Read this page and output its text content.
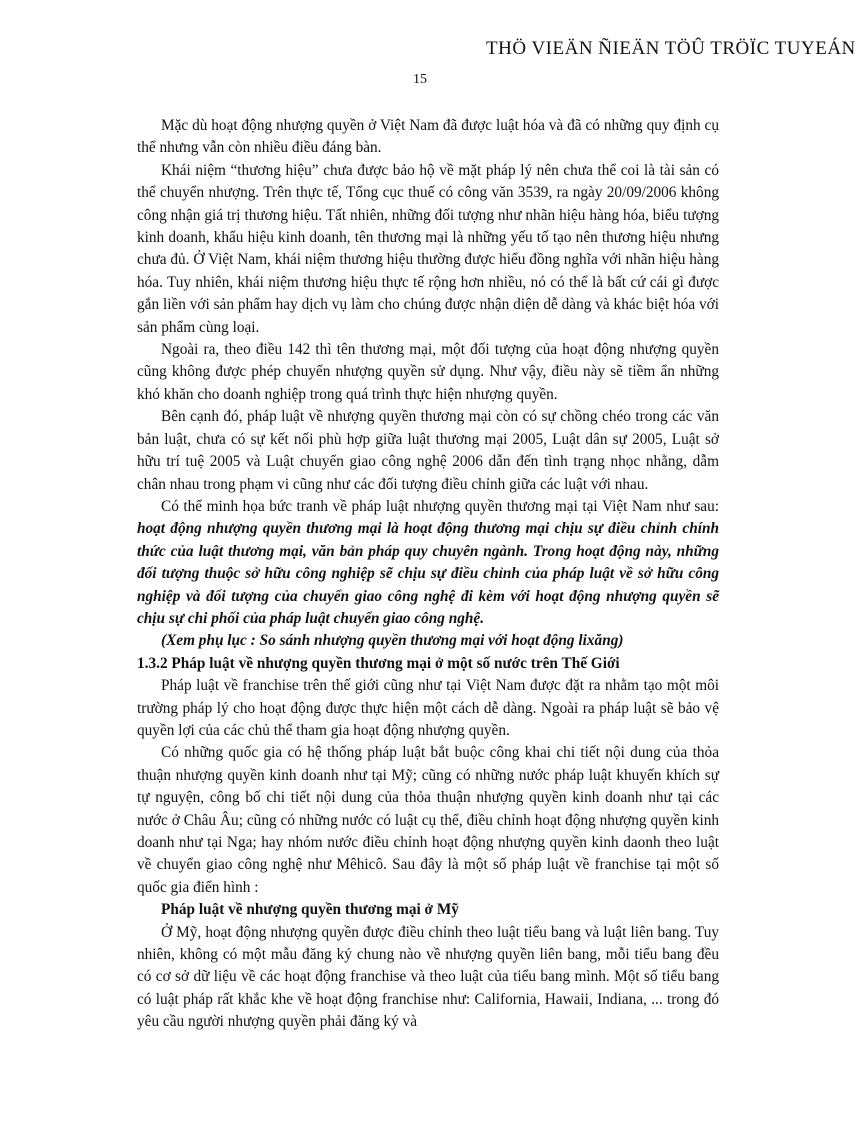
THÖ VIEÄN ÑIEÄN TÖÛ TRÖÏC TUYEÁN
15

Mặc dù hoạt động nhượng quyền ở Việt Nam đã được luật hóa và đã có những quy định cụ thể nhưng vẫn còn nhiều điều đáng bàn.

Khái niệm “thương hiệu” chưa được bảo hộ về mặt pháp lý nên chưa thể coi là tài sản có thể chuyển nhượng. Trên thực tế, Tổng cục thuế có công văn 3539, ra ngày 20/09/2006 không công nhận giá trị thương hiệu. Tất nhiên, những đối tượng như nhãn hiệu hàng hóa, biểu tượng kinh doanh, khẩu hiệu kinh doanh, tên thương mại là những yếu tố tạo nên thương hiệu nhưng chưa đủ. Ở Việt Nam, khái niệm thương hiệu thường được hiểu đồng nghĩa với nhãn hiệu hàng hóa. Tuy nhiên, khái niệm thương hiệu thực tế rộng hơn nhiều, nó có thể là bất cứ cái gì được gắn liền với sản phẩm hay dịch vụ làm cho chúng được nhận diện dễ dàng và khác biệt hóa với sản phẩm cùng loại.

Ngoài ra, theo điều 142 thì tên thương mại, một đối tượng của hoạt động nhượng quyền cũng không được phép chuyển nhượng quyền sử dụng. Như vậy, điều này sẽ tiềm ẩn những khó khăn cho doanh nghiệp trong quá trình thực hiện nhượng quyền.

Bên cạnh đó, pháp luật về nhượng quyền thương mại còn có sự chồng chéo trong các văn bản luật, chưa có sự kết nối phù hợp giữa luật thương mại 2005, Luật dân sự 2005, Luật sở hữu trí tuệ 2005 và Luật chuyển giao công nghệ 2006 dẫn đến tình trạng nhọc nhằng, dẫm chân nhau trong phạm vi cũng như các đối tượng điều chỉnh giữa các luật với nhau.

Có thể minh họa bức tranh về pháp luật nhượng quyền thương mại tại Việt Nam như sau: hoạt động nhượng quyền thương mại là hoạt động thương mại chịu sự điều chỉnh chính thức của luật thương mại, văn bản pháp quy chuyên ngành. Trong hoạt động này, những đối tượng thuộc sở hữu công nghiệp sẽ chịu sự điều chỉnh của pháp luật về sở hữu công nghiệp và đối tượng của chuyển giao công nghệ đi kèm với hoạt động nhượng quyền sẽ chịu sự chi phối của pháp luật chuyển giao công nghệ.

(Xem phụ lục : So sánh nhượng quyền thương mại với hoạt động lixăng)

1.3.2 Pháp luật về nhượng quyền thương mại ở một số nước trên Thế Giới

Pháp luật về franchise trên thế giới cũng như tại Việt Nam được đặt ra nhằm tạo một môi trường pháp lý cho hoạt động được thực hiện một cách dễ dàng. Ngoài ra pháp luật sẽ bảo vệ quyền lợi của các chủ thể tham gia hoạt động nhượng quyền.

Có những quốc gia có hệ thống pháp luật bắt buộc công khai chi tiết nội dung của thỏa thuận nhượng quyền kinh doanh như tại Mỹ; cũng có những nước pháp luật khuyến khích sự tự nguyện, công bố chi tiết nội dung của thỏa thuận nhượng quyền kinh doanh như tại các nước ở Châu Âu; cũng có những nước có luật cụ thể, điều chỉnh hoạt động nhượng quyền kinh doanh như tại Nga; hay nhóm nước điều chỉnh hoạt động nhượng quyền kinh daonh theo luật về chuyển giao công nghệ như Mêhicô. Sau đây là một số pháp luật về franchise tại một số quốc gia điển hình :

Pháp luật về nhượng quyền thương mại ở Mỹ

Ở Mỹ, hoạt động nhượng quyền được điều chỉnh theo luật tiểu bang và luật liên bang. Tuy nhiên, không có một mẫu đăng ký chung nào về nhượng quyền liên bang, mỗi tiểu bang đều có cơ sở dữ liệu về các hoạt động franchise và theo luật của tiểu bang mình. Một số tiểu bang có luật pháp rất khắc khe về hoạt động franchise như: California, Hawaii, Indiana, ... trong đó yêu cầu người nhượng quyền phải đăng ký và
